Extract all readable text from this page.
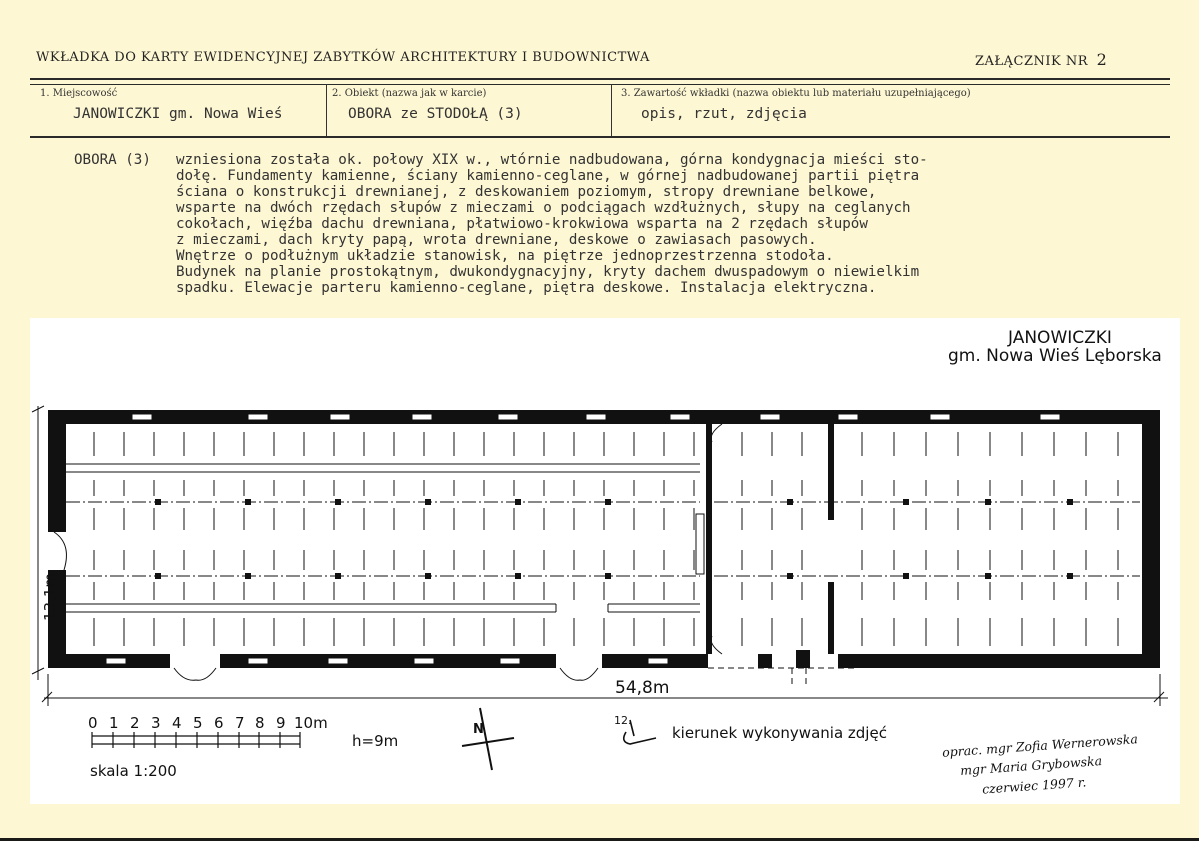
WKŁADKA DO KARTY EWIDENCYJNEJ ZABYTKÓW ARCHITEKTURY I BUDOWNICTWA	ZAŁĄCZNIK NR 2
1. Miejscowość
JANOWICZKI gm. Nowa Wieś
2. Obiekt (nazwa jak w karcie)
OBORA ze STODOŁĄ (3)
3. Zawartość wkładki (nazwa obiektu lub materiału uzupełniającego)
opis, rzut, zdjęcia
OBORA (3) wzniesiona została ok. połowy XIX w., wtórnie nadbudowana, górna kondygnacja mieści sto-
dołę. Fundamenty kamienne, ściany kamienno-ceglane, w górnej nadbudowanej partii piętra
ściana o konstrukcji drewnianej, z deskowaniem poziomym, stropy drewniane belkowe,
wsparte na dwóch rzędach słupów z mieczami o podciągach wzdłużnych, słupy na ceglanych
cokołach, więźba dachu drewniana, płatwiowo-krokwiowa wsparta na 2 rzędach słupów
z mieczami, dach kryty papą, wrota drewniane, deskowe o zawiasach pasowych.
Wnętrze o podłużnym układzie stanowisk, na piętrze jednoprzestrzenna stodoła.
Budynek na planie prostokątnym, dwukondygnacyjny, kryty dachem dwuspadowym o niewielkim
spadku. Elewacje parteru kamienno-ceglane, piętra deskowe. Instalacja elektryczna.
JANOWICZKI
gm. Nowa Wieś Lęborska
13,1m
54,8m
0 1 2 3 4 5 6 7 8 9 10m
h=9m
skala 1:200
N
12.
kierunek wykonywania zdjęć	oprac. mgr Zofia Wernerowska
mgr Maria Grybowska
czerwiec 1997 r.
